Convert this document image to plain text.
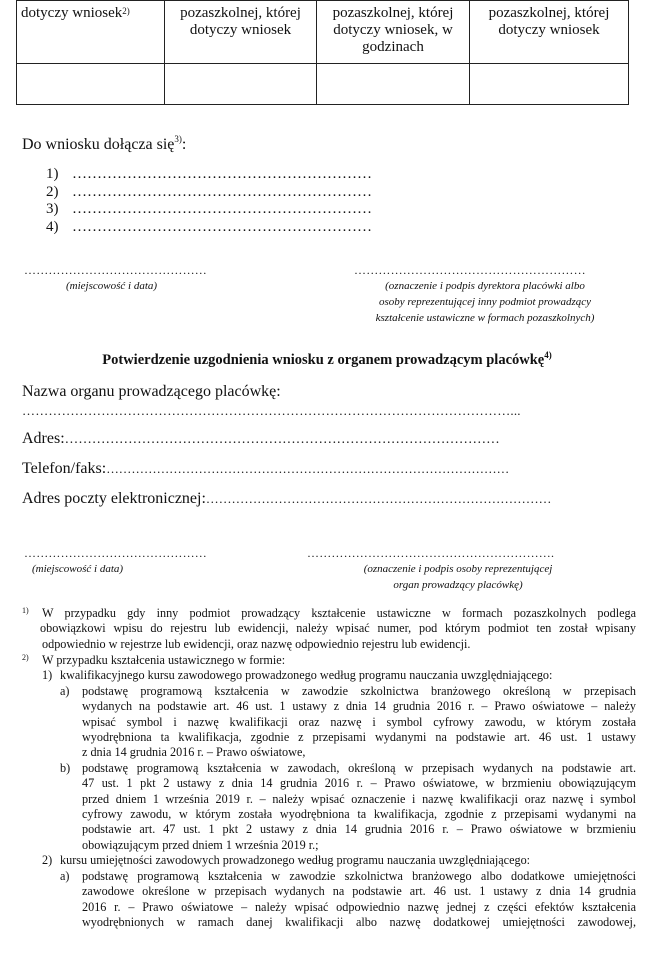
dotyczy wniosek$^{2)}$	pozaszkolnej, której dotyczy wniosek	pozaszkolnej, której dotyczy wniosek, w godzinach	pozaszkolnej, której dotyczy wniosek

Do wniosku dołącza się$^{3)}$:
1) ……………………………………………………
2) ……………………………………………………
3) ……………………………………………………
4) ……………………………………………………
………………………………………
(miejscowość i data)
…………………………………………………
(oznaczenie i podpis dyrektora placówki albo
osoby reprezentującej inny podmiot prowadzący
kształcenie ustawiczne w formach pozaszkolnych)
Potwierdzenie uzgodnienia wniosku z organem prowadzącym placówkę$^{4)}$
Nazwa organu prowadzącego placówkę:
…………………………………………………………………………………………………...
Adres:……………………………………………………………………………………
Telefon/faks:……………………………………………………………………………………
Adres poczty elektronicznej:………………………………………………………………………
………………………………………
(miejscowość i data)
…………………………………………………….
(oznaczenie i podpis osoby reprezentującej
organ prowadzący placówkę)
1) W przypadku gdy inny podmiot prowadzący kształcenie ustawiczne w formach pozaszkolnych podlega
obowiązkowi wpisu do rejestru lub ewidencji, należy wpisać numer, pod którym podmiot ten został wpisany
odpowiednio w rejestrze lub ewidencji, oraz nazwę odpowiednio rejestru lub ewidencji.
2)	W przypadku kształcenia ustawicznego w formie:
1) kwalifikacyjnego kursu zawodowego prowadzonego według programu nauczania uwzględniającego:
a) podstawę programową kształcenia w zawodzie szkolnictwa branżowego określoną w przepisach
wydanych na podstawie art. 46 ust. 1 ustawy z dnia 14 grudnia 2016 r. – Prawo oświatowe – należy
wpisać symbol i nazwę kwalifikacji oraz nazwę i symbol cyfrowy zawodu, w którym została
wyodrębniona ta kwalifikacja, zgodnie z przepisami wydanymi na podstawie art. 46 ust. 1 ustawy
z dnia 14 grudnia 2016 r. – Prawo oświatowe,
b) podstawę programową kształcenia w zawodach, określoną w przepisach wydanych na podstawie art.
47 ust. 1 pkt 2 ustawy z dnia 14 grudnia 2016 r. – Prawo oświatowe, w brzmieniu obowiązującym
przed dniem 1 września 2019 r. – należy wpisać oznaczenie i nazwę kwalifikacji oraz nazwę i symbol
cyfrowy zawodu, w którym została wyodrębniona ta kwalifikacja, zgodnie z przepisami wydanymi na
podstawie art. 47 ust. 1 pkt 2 ustawy z dnia 14 grudnia 2016 r. – Prawo oświatowe w brzmieniu
obowiązującym przed dniem 1 września 2019 r.;
2) kursu umiejętności zawodowych prowadzonego według programu nauczania uwzględniającego:
a) podstawę programową kształcenia w zawodzie szkolnictwa branżowego albo dodatkowe umiejętności
zawodowe określone w przepisach wydanych na podstawie art. 46 ust. 1 ustawy z dnia 14 grudnia
2016 r. – Prawo oświatowe – należy wpisać odpowiednio nazwę jednej z części efektów kształcenia
wyodrębnionych w ramach danej kwalifikacji albo nazwę dodatkowej umiejętności zawodowej,
